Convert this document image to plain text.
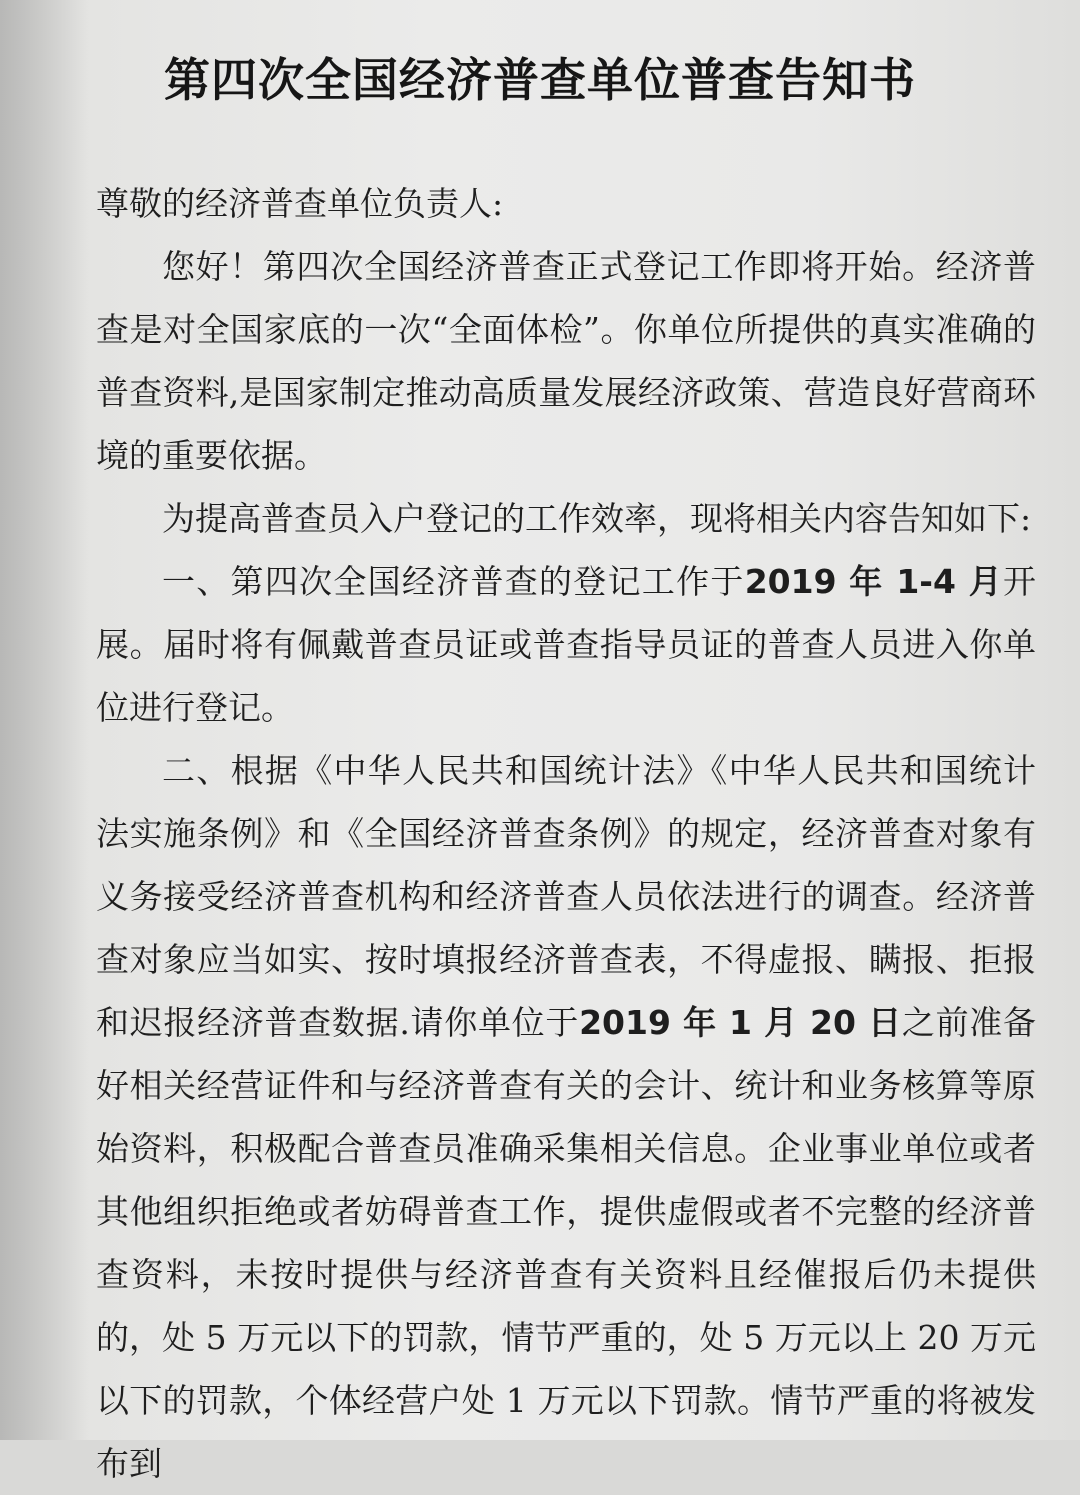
第四次全国经济普查单位普查告知书

尊敬的经济普查单位负责人:

您好！第四次全国经济普查正式登记工作即将开始。经济普查是对全国家底的一次“全面体检”。你单位所提供的真实准确的普查资料,是国家制定推动高质量发展经济政策、营造良好营商环境的重要依据。

为提高普查员入户登记的工作效率，现将相关内容告知如下:

一、第四次全国经济普查的登记工作于2019 年 1-4 月开展。届时将有佩戴普查员证或普查指导员证的普查人员进入你单位进行登记。

二、根据《中华人民共和国统计法》《中华人民共和国统计法实施条例》和《全国经济普查条例》的规定，经济普查对象有义务接受经济普查机构和经济普查人员依法进行的调查。经济普查对象应当如实、按时填报经济普查表，不得虚报、瞒报、拒报和迟报经济普查数据.请你单位于2019 年 1 月 20 日之前准备好相关经营证件和与经济普查有关的会计、统计和业务核算等原始资料，积极配合普查员准确采集相关信息。企业事业单位或者其他组织拒绝或者妨碍普查工作，提供虚假或者不完整的经济普查资料，未按时提供与经济普查有关资料且经催报后仍未提供的，处 5 万元以下的罚款，情节严重的，处 5 万元以上 20 万元以下的罚款，个体经营户处 1 万元以下罚款。情节严重的将被发布到
